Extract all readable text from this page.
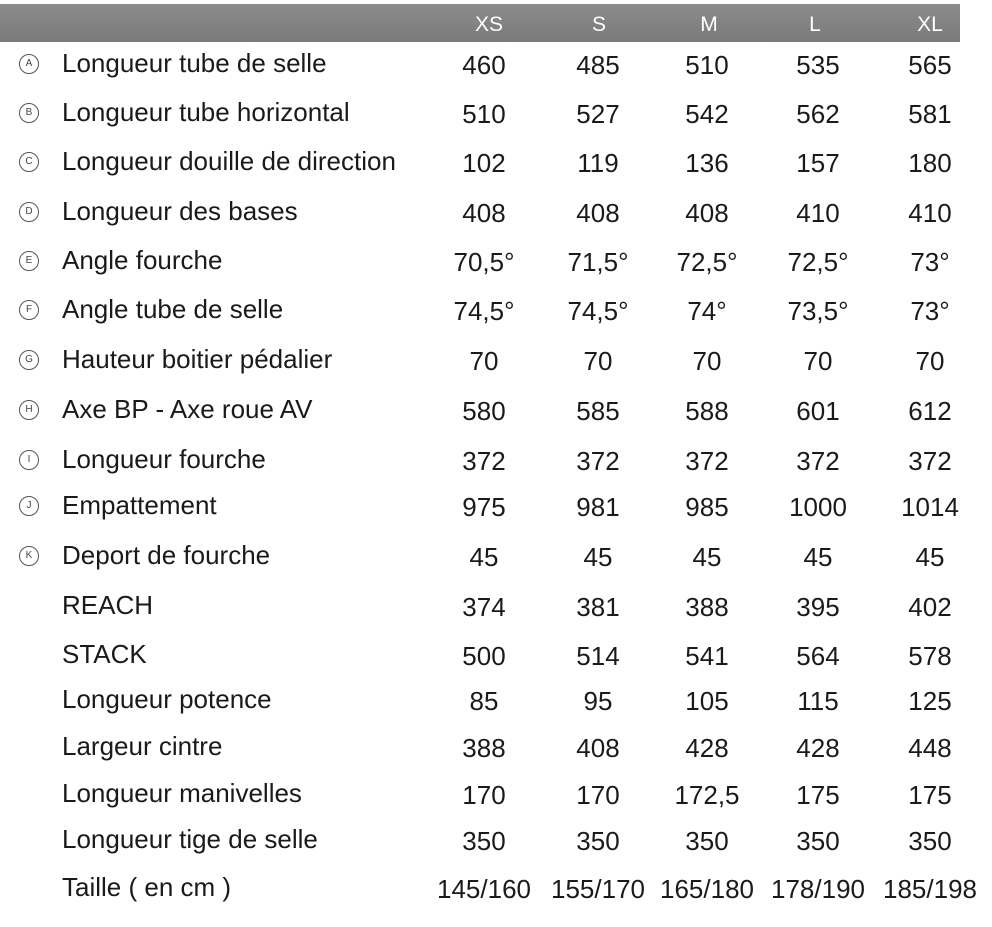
XS	S	M	L	XL
A Longueur tube de selle	460	485	510	535	565
B Longueur tube horizontal	510	527	542	562	581
C Longueur douille de direction	102	119	136	157	180
D Longueur des bases	408	408	408	410	410
E Angle fourche	70,5°	71,5°	72,5°	72,5°	73°
F Angle tube de selle	74,5°	74,5°	74°	73,5°	73°
G Hauteur boitier pédalier	70	70	70	70	70
H Axe BP - Axe roue AV	580	585	588	601	612
I	Longueur fourche	372	372	372	372	372
J Empattement	975	981	985	1000	1014
K Deport de fourche	45	45	45	45	45
REACH	374	381	388	395	402
STACK	500	514	541	564	578
Longueur potence	85	95	105	115	125
Largeur cintre	388	408	428	428	448
Longueur manivelles	170	170	172,5	175	175
Longueur tige de selle	350	350	350	350	350
Taille ( en cm )	145/160 155/170 165/180 178/190 185/198
